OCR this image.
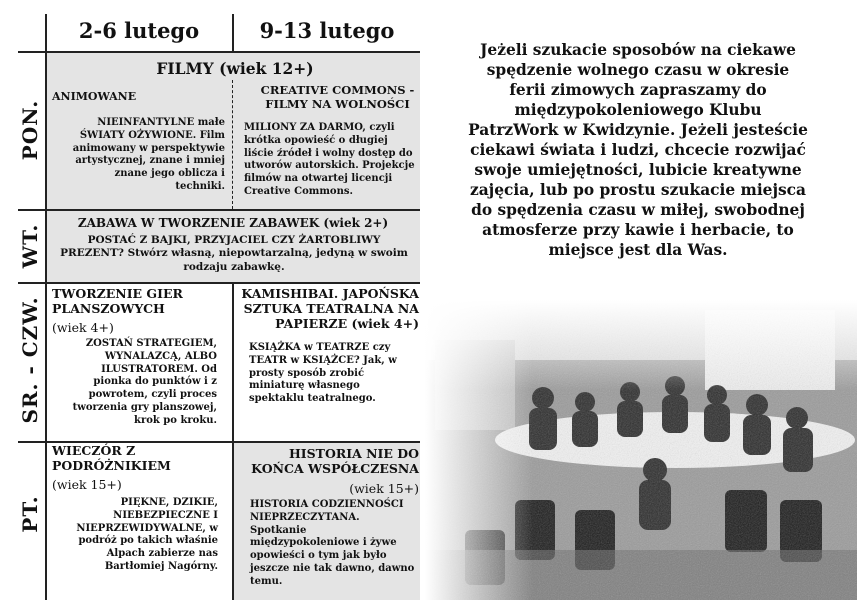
2-6 lutego	9-13 lutego
PON.
WT.
SR. - CZW.
PT.
FILMY (wiek 12+)
ANIMOWANE
NIEINFANTYLNE małe ŚWIATY OŻYWIONE. Film animowany w perspektywie artystycznej, znane i mniej znane jego oblicza i techniki.
CREATIVE COMMONS - FILMY NA WOLNOŚCI
MILIONY ZA DARMO, czyli krótka opowieść o długiej liście źródeł i wolny dostęp do utworów autorskich. Projekcje filmów na otwartej licencji Creative Commons.
ZABAWA W TWORZENIE ZABAWEK (wiek 2+)
POSTAĆ Z BAJKI, PRZYJACIEL CZY ŻARTOBLIWY PREZENT? Stwórz własną, niepowtarzalną, jedyną w swoim rodzaju zabawkę.
TWORZENIE GIER PLANSZOWYCH
(wiek 4+)
ZOSTAŃ STRATEGIEM, WYNALAZCĄ, ALBO ILUSTRATOREM. Od pionka do punktów i z powrotem, czyli proces tworzenia gry planszowej, krok po kroku.
KAMISHIBAI. JAPOŃSKA SZTUKA TEATRALNA NA PAPIERZE (wiek 4+)
KSIĄŻKA w TEATRZE czy TEATR w KSIĄŻCE? Jak, w prosty sposób zrobić miniaturę własnego spektaklu teatralnego.
WIECZÓR Z PODRÓŻNIKIEM
(wiek 15+)
PIĘKNE, DZIKIE, NIEBEZPIECZNE I NIEPRZEWIDYWALNE, w podróż po takich właśnie Alpach zabierze nas Bartłomiej Nagórny.
HISTORIA NIE DO KOŃCA WSPÓŁCZESNA
(wiek 15+)
HISTORIA CODZIENNOŚCI NIEPRZECZYTANA. Spotkanie międzypokoleniowe i żywe opowieści o tym jak było jeszcze nie tak dawno, dawno temu.
Jeżeli szukacie sposobów na ciekawe spędzenie wolnego czasu w okresie ferii zimowych zapraszamy do międzypokoleniowego Klubu PatrzWork w Kwidzynie. Jeżeli jesteście ciekawi świata i ludzi, chcecie rozwijać swoje umiejętności, lubicie kreatywne zajęcia, lub po prostu szukacie miejsca do spędzenia czasu w miłej, swobodnej atmosferze przy kawie i herbacie, to miejsce jest dla Was.
